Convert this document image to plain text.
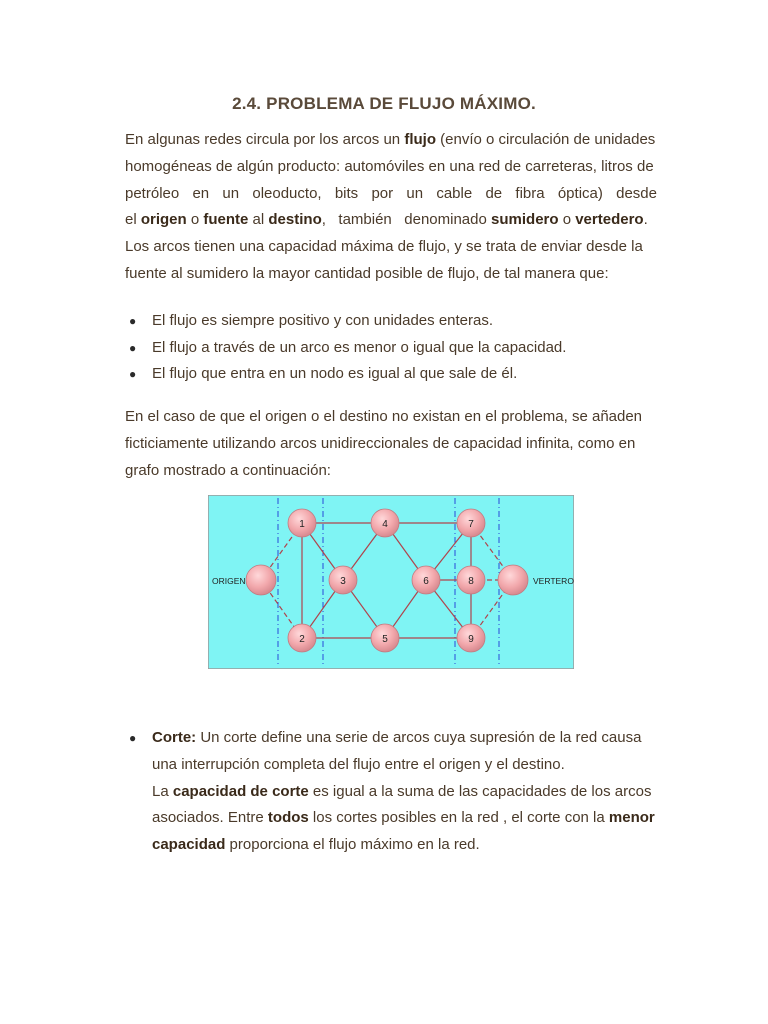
2.4. PROBLEMA DE FLUJO MÁXIMO.

En algunas redes circula por los arcos un flujo (envío o circulación de unidades
homogéneas de algún producto: automóviles en una red de carreteras, litros de
petróleo en un oleoducto, bits por un cable de fibra óptica) desde
el origen o fuente al destino,   también   denominado sumidero o vertedero.
Los arcos tienen una capacidad máxima de flujo, y se trata de enviar desde la
fuente al sumidero la mayor cantidad posible de flujo, de tal manera que:

● El flujo es siempre positivo y con unidades enteras.
● El flujo a través de un arco es menor o igual que la capacidad.
● El flujo que entra en un nodo es igual al que sale de él.

En el caso de que el origen o el destino no existan en el problema, se añaden
ficticiamente utilizando arcos unidireccionales de capacidad infinita, como en
grafo mostrado a continuación:

1
2
3
4
5
6
7
8
9
ORIGEN	VERTERO
● Corte: Un corte define una serie de arcos cuya supresión de la red causa
una interrupción completa del flujo entre el origen y el destino.
La capacidad de corte es igual a la suma de las capacidades de los arcos
asociados. Entre todos los cortes posibles en la red , el corte con la menor
capacidad proporciona el flujo máximo en la red.
